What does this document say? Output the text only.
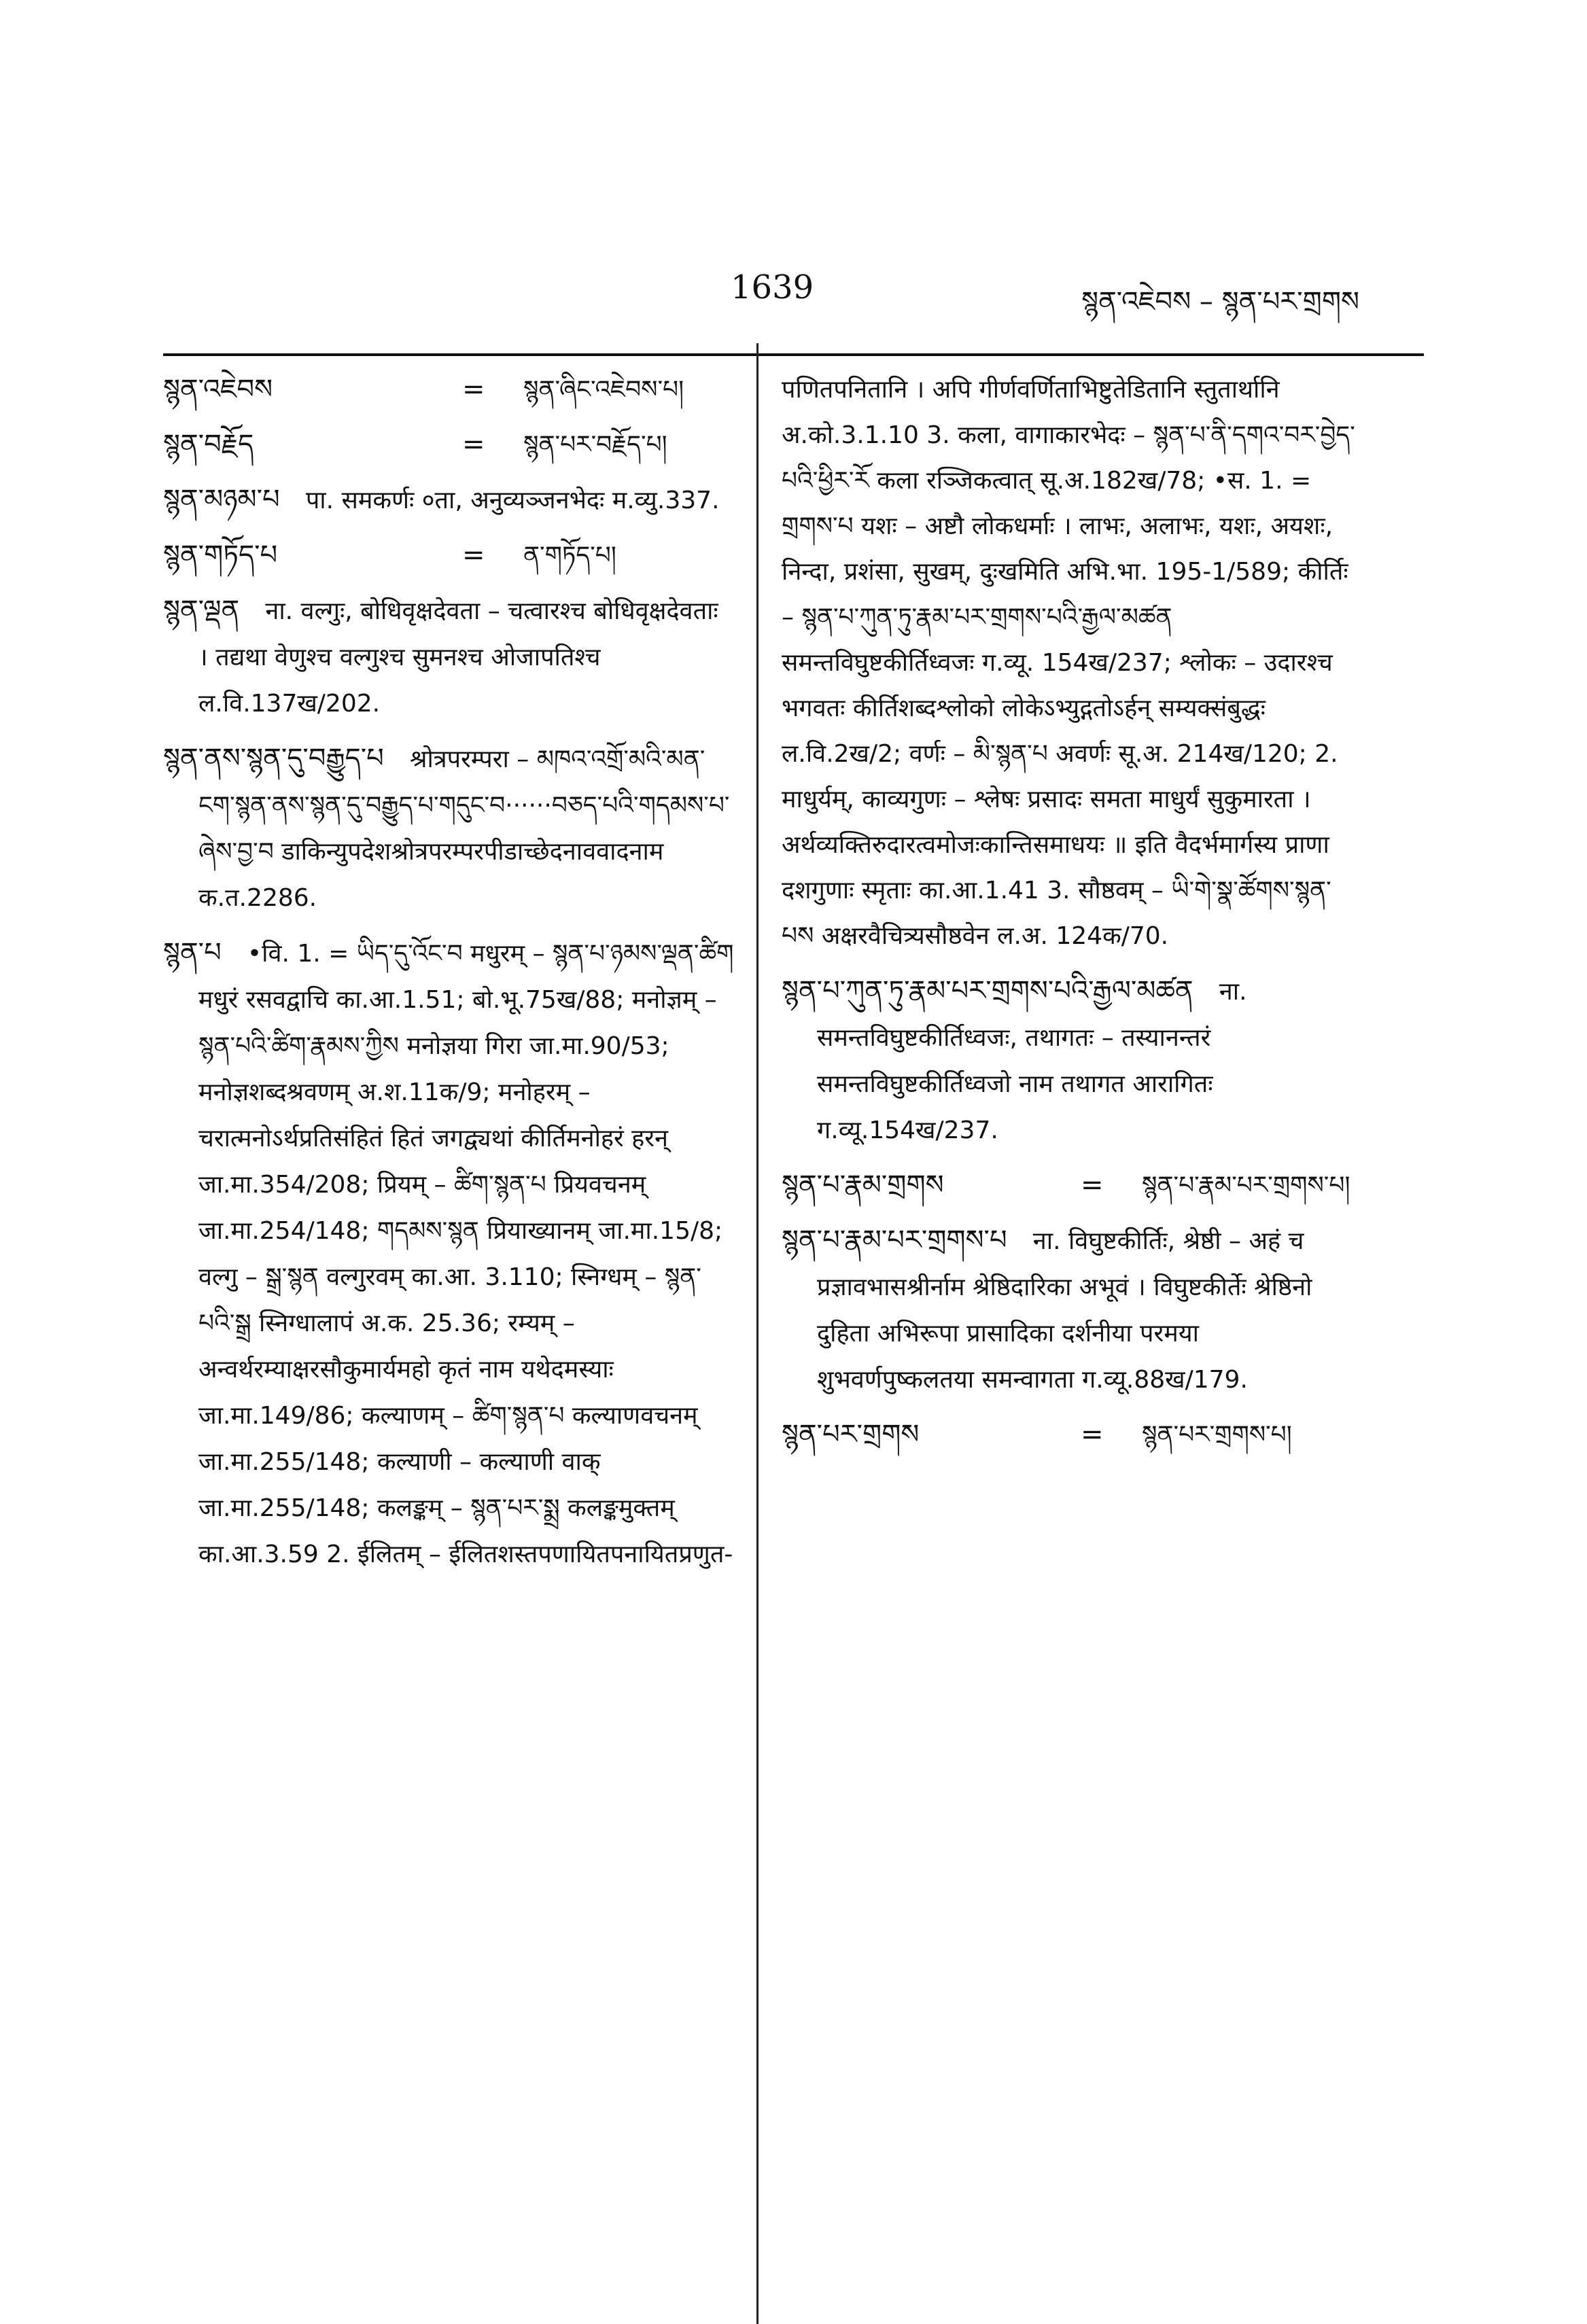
1639	སྙན་འཇེབས – སྙན་པར་གྲགས
སྙན་འཇེབས	=	སྙན་ཞིང་འཇེབས་པ།
སྙན་བརྗོད	=	སྙན་པར་བརྗོད་པ།
སྙན་མཉམ་པ पा. समकर्णः ०ता, अनुव्यञ्जनभेदः म.व्यु.337.
སྙན་གཏོད་པ	=	ན་གཏོད་པ།
སྙན་ལྡན ना. वल्गुः, बोधिवृक्षदेवता – चत्वारश्च बोधिवृक्षदेवताः । तद्यथा वेणुश्च वल्गुश्च सुमनश्च ओजापतिश्च ल.वि.137ख/202.
སྙན་ནས་སྙན་དུ་བརྒྱུད་པ श्रोत्रपरम्परा – མཁའ་འགྲོ་མའི་མན་ངག་སྙན་ནས་སྙན་དུ་བརྒྱུད་པ་གདུང་བ······བཅད་པའི་གདམས་པ་ཞེས་བྱ་བ डाकिन्युपदेशश्रोत्रपरम्परपीडाच्छेदनाववादनाम क.त.2286.
སྙན་པ •वि. 1. = ཡིད་དུ་འོང་བ मधुरम् – སྙན་པ་ཉམས་ལྡན་ཚིག मधुरं रसवद्वाचि का.आ.1.51; बो.भू.75ख/88; मनोज्ञम् – སྙན་པའི་ཚིག་རྣམས་ཀྱིས मनोज्ञया गिरा जा.मा.90/53; मनोज्ञशब्दश्रवणम् अ.श.11क/9; मनोहरम् – चरात्मनोऽर्थप्रतिसंहितं हितं जगद्व्यथां कीर्तिमनोहरं हरन् जा.मा.354/208; प्रियम् – ཚིག་སྙན་པ प्रियवचनम् जा.मा.254/148; གདམས་སྙན प्रियाख्यानम् जा.मा.15/8; वल्गु – སྒྲ་སྙན वल्गुरवम् का.आ. 3.110; स्निग्धम् – སྙན་པའི་སྒྲ स्निग्धालापं अ.क. 25.36; रम्यम् – अन्वर्थरम्याक्षरसौकुमार्यमहो कृतं नाम यथेदमस्याः जा.मा.149/86; कल्याणम् – ཚིག་སྙན་པ कल्याणवचनम् जा.मा.255/148; कल्याणी – कल्याणी वाक् जा.मा.255/148; कलङ्कम् – སྙན་པར་སྨྲ कलङ्कमुक्तम् का.आ.3.59 2. ईलितम् – ईलितशस्तपणायितपनायितप्रणुत-
पणितपनितानि । अपि गीर्णवर्णिताभिष्टुतेडितानि स्तुतार्थानि अ.को.3.1.10 3. कला, वागाकारभेदः – སྙན་པ་ནི་དགའ་བར་བྱེད་པའི་ཕྱིར་རོ कला रञ्जिकत्वात् सू.अ.182ख/78; •स. 1. = གྲགས་པ यशः – अष्टौ लोकधर्माः । लाभः, अलाभः, यशः, अयशः, निन्दा, प्रशंसा, सुखम्, दुःखमिति अभि.भा. 195-1/589; कीर्तिः – སྙན་པ་ཀུན་ཏུ་རྣམ་པར་གྲགས་པའི་རྒྱལ་མཚན समन्तविघुष्टकीर्तिध्वजः ग.व्यू. 154ख/237; श्लोकः – उदारश्च भगवतः कीर्तिशब्दश्लोको लोकेऽभ्युद्गतोऽर्हन् सम्यक्संबुद्धः ल.वि.2ख/2; वर्णः – མི་སྙན་པ अवर्णः सू.अ. 214ख/120; 2. माधुर्यम्, काव्यगुणः – श्लेषः प्रसादः समता माधुर्यं सुकुमारता । अर्थव्यक्तिरुदारत्वमोजःकान्तिसमाधयः ॥ इति वैदर्भमार्गस्य प्राणा दशगुणाः स्मृताः का.आ.1.41 3. सौष्ठवम् – ཡི་གེ་སྣ་ཚོགས་སྙན་པས अक्षरवैचित्र्यसौष्ठवेन ल.अ. 124क/70.
སྙན་པ་ཀུན་ཏུ་རྣམ་པར་གྲགས་པའི་རྒྱལ་མཚན ना. समन्तविघुष्टकीर्तिध्वजः, तथागतः – तस्यानन्तरं समन्तविघुष्टकीर्तिध्वजो नाम तथागत आरागितः ग.व्यू.154ख/237.
སྙན་པ་རྣམ་གྲགས	=	སྙན་པ་རྣམ་པར་གྲགས་པ།
སྙན་པ་རྣམ་པར་གྲགས་པ ना. विघुष्टकीर्तिः, श्रेष्ठी – अहं च प्रज्ञावभासश्रीर्नाम श्रेष्ठिदारिका अभूवं । विघुष्टकीर्तेः श्रेष्ठिनो दुहिता अभिरूपा प्रासादिका दर्शनीया परमया शुभवर्णपुष्कलतया समन्वागता ग.व्यू.88ख/179.
སྙན་པར་གྲགས	=	སྙན་པར་གྲགས་པ།
